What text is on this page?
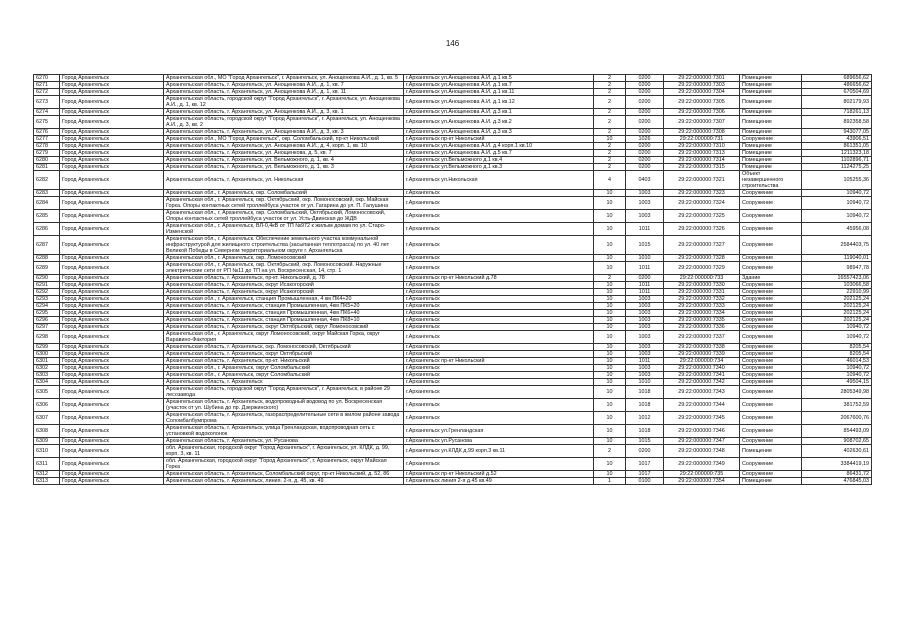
146
6270	Город Архангельск	Архангельская обл., МО "Город Архангельск", г. Архангельск, ул. Анощенкова А.И., д. 1, кв. 5	г.Архангельск ул.Анощенкова А.И. д.1 кв.5	2	0200	29:22:000000:7301	Помещение	689656,62
6271	Город Архангельск	Архангельская область, г. Архангельск, ул. Анощенкова А.И., д. 1, кв. 7	г.Архангельск ул.Анощенкова А.И. д.1 кв.7	2	0200	29:22:000000:7303	Помещение	486656,62
6272	Город Архангельск	Архангельская область, г. Архангельск, ул. Анощенкова А.И., д. 1, кв. 11	г.Архангельск ул.Анощенкова А.И. д.1 кв.11	2	0200	29:22:000000:7304	Помещение	670504,69
6273	Город Архангельск	Архангельская область, городской округ "Город Архангельск", г. Архангельск, ул. Анощенкова А.И., д. 1, кв. 12	г.Архангельск ул.Анощенкова А.И. д.1 кв.12	2	0200	29:22:000000:7305	Помещение	802179,93
6274	Город Архангельск	Архангельская область, г. Архангельск, ул. Анощенкова А.И., д. 3, кв. 1	г.Архангельск ул.Анощенкова А.И. д.3 кв.1	2	0200	29:22:000000:7306	Помещение	718261,13
6275	Город Архангельск	Архангельская область, городской округ "Город Архангельск", г. Архангельск, ул. Анощенкова А.И., д. 3, кв. 2	г.Архангельск ул.Анощенкова А.И. д.3 кв.2	2	0200	29:22:000000:7307	Помещение	892358,58
6276	Город Архангельск	Архангельская область, г. Архангельск, ул. Анощенкова А.И., д. 3, кв. 3	г.Архангельск ул.Анощенкова А.И. д.3 кв.3	2	0200	29:22:000000:7308	Помещение	943077,05
6277	Город Архангельск	Архангельская обл., МО "Город Архангельск", окр. Соломбальский, пр-кт Никольский	г.Архангельск пр-кт Никольский	10	1026	29:22:000000:731	Сооружение	43906,51
6278	Город Архангельск	Архангельская область, г. Архангельск, ул. Анощенкова А.И., д. 4, корп. 1, кв. 10	г.Архангельск ул.Анощенкова А.И. д.4 корп.1 кв.10	2	0200	29:22:000000:7310	Помещение	861351,05
6279	Город Архангельск	Архангельская область, г. Архангельск, ул. Анощенкова, д. 5, кв. 7	г.Архангельск ул.Анощенкова А.И. д.5 кв.7	2	0200	29:22:000000:7313	Помещение	1211323,18
6280	Город Архангельск	Архангельская область, г. Архангельск, ул. Вельможного, д. 1, кв. 4	г.Архангельск ул.Вельможного д.1 кв.4	2	0200	29:22:000000:7314	Помещение	1102896,71
6281	Город Архангельск	Архангельская область, г. Архангельск, ул. Вельможного, д. 1, кв. 3	г.Архангельск ул.Вельможного д.1 кв.3	2	0200	29:22:000000:7315	Помещение	1124275,25
6282	Город Архангельск	Архангельская область, г. Архангельск, ул. Никольская	г.Архангельск ул.Никольская	4	0403	29:22:000000:7321	Объект незавершенного строительства	105255,36
6283	Город Архангельск	Архангельская обл., г. Архангельск, окр. Соломбальский	г.Архангельск	10	1003	29:22:000000:7323	Сооружение	10940,72
6284	Город Архангельск	Архангельская обл., г. Архангельск, окр. Октябрьский, окр. Ломоносовский, окр. Майская Горка. Опоры контактных сетей троллейбуса участок от ул. Гагарина до ул. П. Галушина	г.Архангельск	10	1003	29:22:000000:7324	Сооружение	10940,72
6285	Город Архангельск	Архангельская обл., г. Архангельск, окр. Соломбальский, Октябрьский, Ломоносовский, Опоры контактных сетей троллейбуса участок от ул. Усть-Двинская до ЖДВ	г.Архангельск	10	1003	29:22:000000:7325	Сооружение	10940,72
6286	Город Архангельск	Архангельская обл., г. Архангельск, ВЛ-0,4кВ от ТП №972 к жилым домам по ул. Старо-Изменской	г.Архангельск	10	1011	29:22:000000:7326	Сооружение	45956,08
6287	Город Архангельск	Архангельская обл., г. Архангельск. Обеспечение земельного участка коммунальной инфраструктурой для жилищного строительства (засыпанная теплотрасса) по ул. 40 лет Великой Победы в Северном территориальном округе г. Архангельска	г.Архангельск	10	1015	29:22:000000:7327	Сооружение	2584403,75
6288	Город Архангельск	Архангельская обл., г. Архангельск, окр. Ломоносовский	г.Архангельск	10	1010	29:22:000000:7328	Сооружение	119040,01
6289	Город Архангельск	Архангельская обл., г. Архангельск, окр. Октябрьский, окр. Ломоносовский. Наружные электрические сети от РП №11 до ТП на ул. Воскресенская, 14, стр. 1	г.Архангельск	10	1011	29:22:000000:7329	Сооружение	98947,78
6290	Город Архангельск	Архангельская область, г. Архангельск, пр-кт. Никольский, д. 78	г.Архангельск пр-кт Никольский д.78	2	0200	29:22:000000:733	Здание	16557423,06
6291	Город Архангельск	Архангельская область, г. Архангельск, округ Исакогорский	г.Архангельск	10	1011	29:22:000000:7330	Сооружение	103066,58
6292	Город Архангельск	Архангельская область, г. Архангельск, округ Исакогорский	г.Архангельск	10	1011	29:22:000000:7331	Сооружение	22910,99
6293	Город Архангельск	Архангельская обл., г. Архангельск, станция Промышленная, 4 км ПК4+20	г.Архангельск	10	1003	29:22:000000:7332	Сооружение	202125,24
6294	Город Архангельск	Архангельская область, г. Архангельск, станция Промышленная, 4км ПК5+20	г.Архангельск	10	1003	29:22:000000:7333	Сооружение	202125,24
6295	Город Архангельск	Архангельская область, г. Архангельск, станция Промышленная, 4км ПК6+40	г.Архангельск	10	1003	29:22:000000:7334	Сооружение	202125,24
6296	Город Архангельск	Архангельская область, г. Архангельск, станция Промышленная, 4км ПК8+10	г.Архангельск	10	1003	29:22:000000:7335	Сооружение	202125,24
6297	Город Архангельск	Архангельская область, г. Архангельск, округ Октябрьский, округ Ломоносовский	г.Архангельск	10	1003	29:22:000000:7336	Сооружение	10940,72
6298	Город Архангельск	Архангельская обл., г. Архангельск, округ Ломоносовский, округ Майская Горка, округ Варавино-Фактория	г.Архангельск	10	1003	29:22:000000:7337	Сооружение	10940,72
6299	Город Архангельск	Архангельская область, г. Архангельск, окр. Ломоносовский, Октябрьский	г.Архангельск	10	1003	29:22:000000:7338	Сооружение	8205,54
6300	Город Архангельск	Архангельская область, г. Архангельск, округ Октябрьский	г.Архангельск	10	1003	29:22:000000:7339	Сооружение	8205,54
6301	Город Архангельск	Архангельская область, г. Архангельск, пр-кт. Никольский	г.Архангельск пр-кт Никольский	10	1011	29:22:000000:734	Сооружение	46014,53
6302	Город Архангельск	Архангельская обл., г. Архангельск, округ Соломбальский	г.Архангельск	10	1003	29:22:000000:7340	Сооружение	10940,72
6303	Город Архангельск	Архангельская обл., г. Архангельск, округ Соломбальский	г.Архангельск	10	1003	29:22:000000:7341	Сооружение	10940,72
6304	Город Архангельск	Архангельская область, г. Архангельск	г.Архангельск	10	1010	29:22:000000:7342	Сооружение	49504,15
6305	Город Архангельск	Архангельская область, городской округ "Город Архангельск", г. Архангельск, в районе 29 лесозавода	г.Архангельск	10	1018	29:22:000000:7343	Сооружение	2805349,98
6306	Город Архангельск	Архангельская область, г. Архангельск, водопроводный водовод по ул. Воскресенская (участок от ул. Шубина до пр. Дзержинского)	г.Архангельск	10	1018	29:22:000000:7344	Сооружение	381752,59
6307	Город Архангельск	Архангельская область, г. Архангельск, газораспределительные сети в жилом районе завода Соломбалбумпрома	г.Архангельск	10	1012	29:22:000000:7345	Сооружение	2067600,76
6308	Город Архангельск	Архангельская область, г. Архангельск, улица Гренландская, водопроводная сеть с установкой водоколонок	г.Архангельск ул.Гренландская	10	1018	29:22:000000:7346	Сооружение	854493,09
6309	Город Архангельск	Архангельская область, г. Архангельск, ул. Русанова	г.Архангельск ул.Русанова	10	1015	29:22:000000:7347	Сооружение	908702,65
6310	Город Архангельск	обл. Архангельская, городской округ "Город Архангельск", г. Архангельск, ул. КЛДК, д. 99, корп. 3, кв. 11	г.Архангельск ул.КЛДК д.99 корп.3 кв.11	2	0200	29:22:000000:7348	Помещение	402630,61
6311	Город Архангельск	обл. Архангельская, городской округ "Город Архангельск", г. Архангельск, округ Майская Горка	г.Архангельск	10	1017	29:22:000000:7349	Сооружение	3384419,19
6312	Город Архангельск	Архангельская область, г. Архангельск, Соломбальский округ, пр-кт Никольский, д. 52, 86	г.Архангельск пр-кт Никольский д.52	10	1017	29:22:000000:735	Сооружение	86431,72
6313	Город Архангельск	Архангельская область, г. Архангельск, линия. 2-я, д. 45, кв. 49	г.Архангельск линия 2-я д.45 кв.49	1	0100	29:22:000000:7354	Помещение	476845,03
